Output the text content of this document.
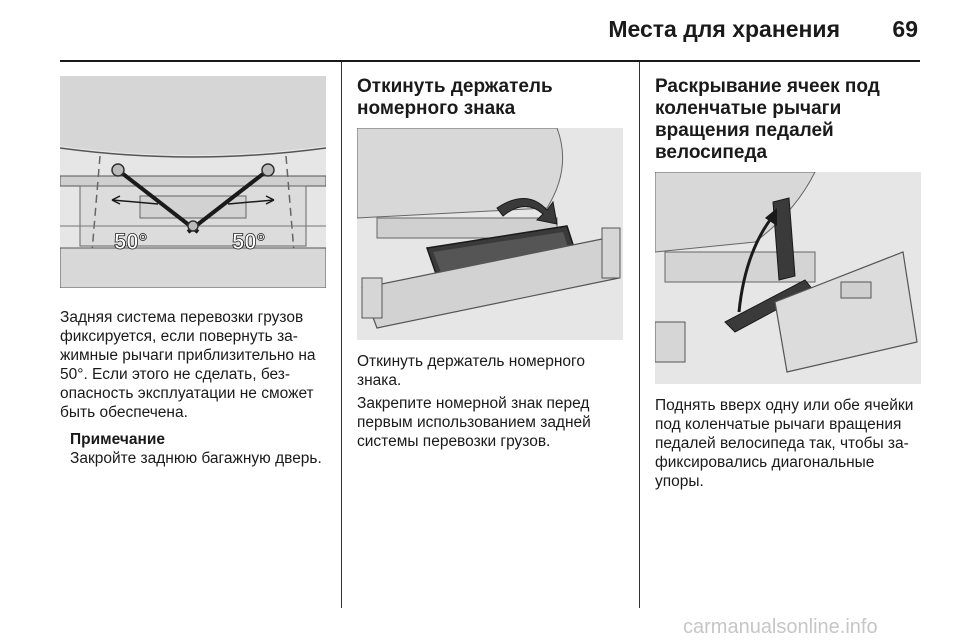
Места для хранения 69
50°	50°

Задняя система перевозки грузов фиксируется, если повернуть за-жимные рычаги приблизительно на 50°. Если этого не сделать, без-опасность эксплуатации не сможет быть обеспечена.

Примечание
Закройте заднюю багажную дверь.
Откинуть держатель номерного знака

Откинуть держатель номерного знака.

Закрепите номерной знак перед первым использованием задней системы перевозки грузов.

Раскрывание ячеек под коленчатые рычаги вращения педалей велосипеда

Поднять вверх одну или обе ячейки под коленчатые рычаги вращения педалей велосипеда так, чтобы за-фиксировались диагональные упоры.

carmanualsonline.info
